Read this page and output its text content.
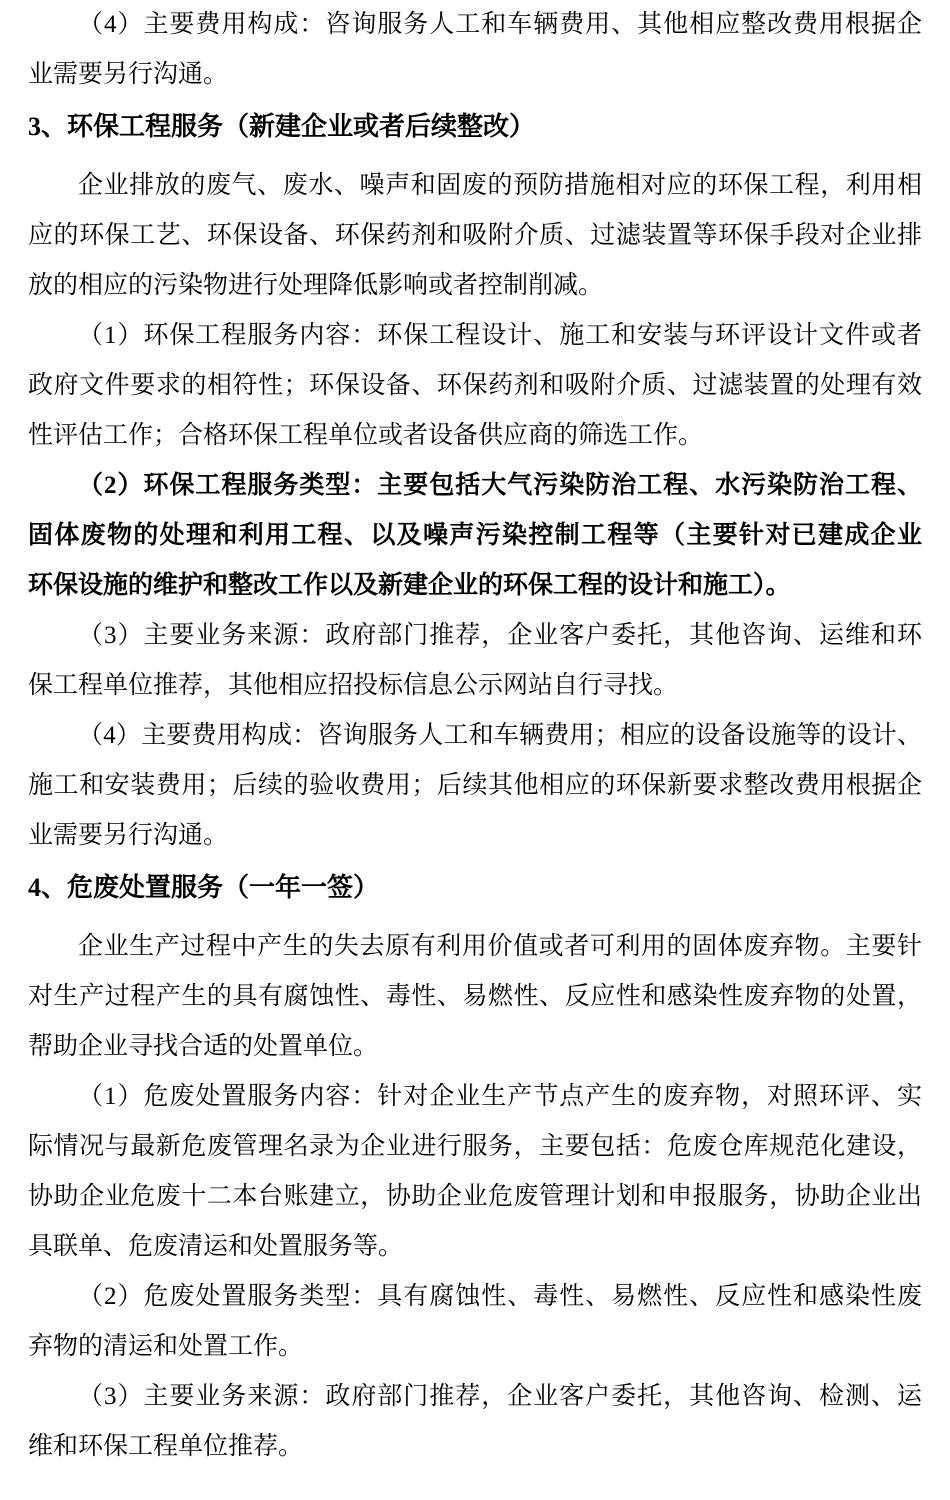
（4）主要费用构成：咨询服务人工和车辆费用、其他相应整改费用根据企
业需要另行沟通。
3、环保工程服务（新建企业或者后续整改）
企业排放的废气、废水、噪声和固废的预防措施相对应的环保工程，利用相
应的环保工艺、环保设备、环保药剂和吸附介质、过滤装置等环保手段对企业排
放的相应的污染物进行处理降低影响或者控制削减。
（1）环保工程服务内容：环保工程设计、施工和安装与环评设计文件或者
政府文件要求的相符性；环保设备、环保药剂和吸附介质、过滤装置的处理有效
性评估工作；合格环保工程单位或者设备供应商的筛选工作。
（2）环保工程服务类型：主要包括大气污染防治工程、水污染防治工程、
固体废物的处理和利用工程、以及噪声污染控制工程等（主要针对已建成企业
环保设施的维护和整改工作以及新建企业的环保工程的设计和施工）。
（3）主要业务来源：政府部门推荐，企业客户委托，其他咨询、运维和环
保工程单位推荐，其他相应招投标信息公示网站自行寻找。
（4）主要费用构成：咨询服务人工和车辆费用；相应的设备设施等的设计、
施工和安装费用；后续的验收费用；后续其他相应的环保新要求整改费用根据企
业需要另行沟通。
4、危废处置服务（一年一签）
企业生产过程中产生的失去原有利用价值或者可利用的固体废弃物。主要针
对生产过程产生的具有腐蚀性、毒性、易燃性、反应性和感染性废弃物的处置，
帮助企业寻找合适的处置单位。
（1）危废处置服务内容：针对企业生产节点产生的废弃物，对照环评、实
际情况与最新危废管理名录为企业进行服务，主要包括：危废仓库规范化建设，
协助企业危废十二本台账建立，协助企业危废管理计划和申报服务，协助企业出
具联单、危废清运和处置服务等。
（2）危废处置服务类型：具有腐蚀性、毒性、易燃性、反应性和感染性废
弃物的清运和处置工作。
（3）主要业务来源：政府部门推荐，企业客户委托，其他咨询、检测、运
维和环保工程单位推荐。
